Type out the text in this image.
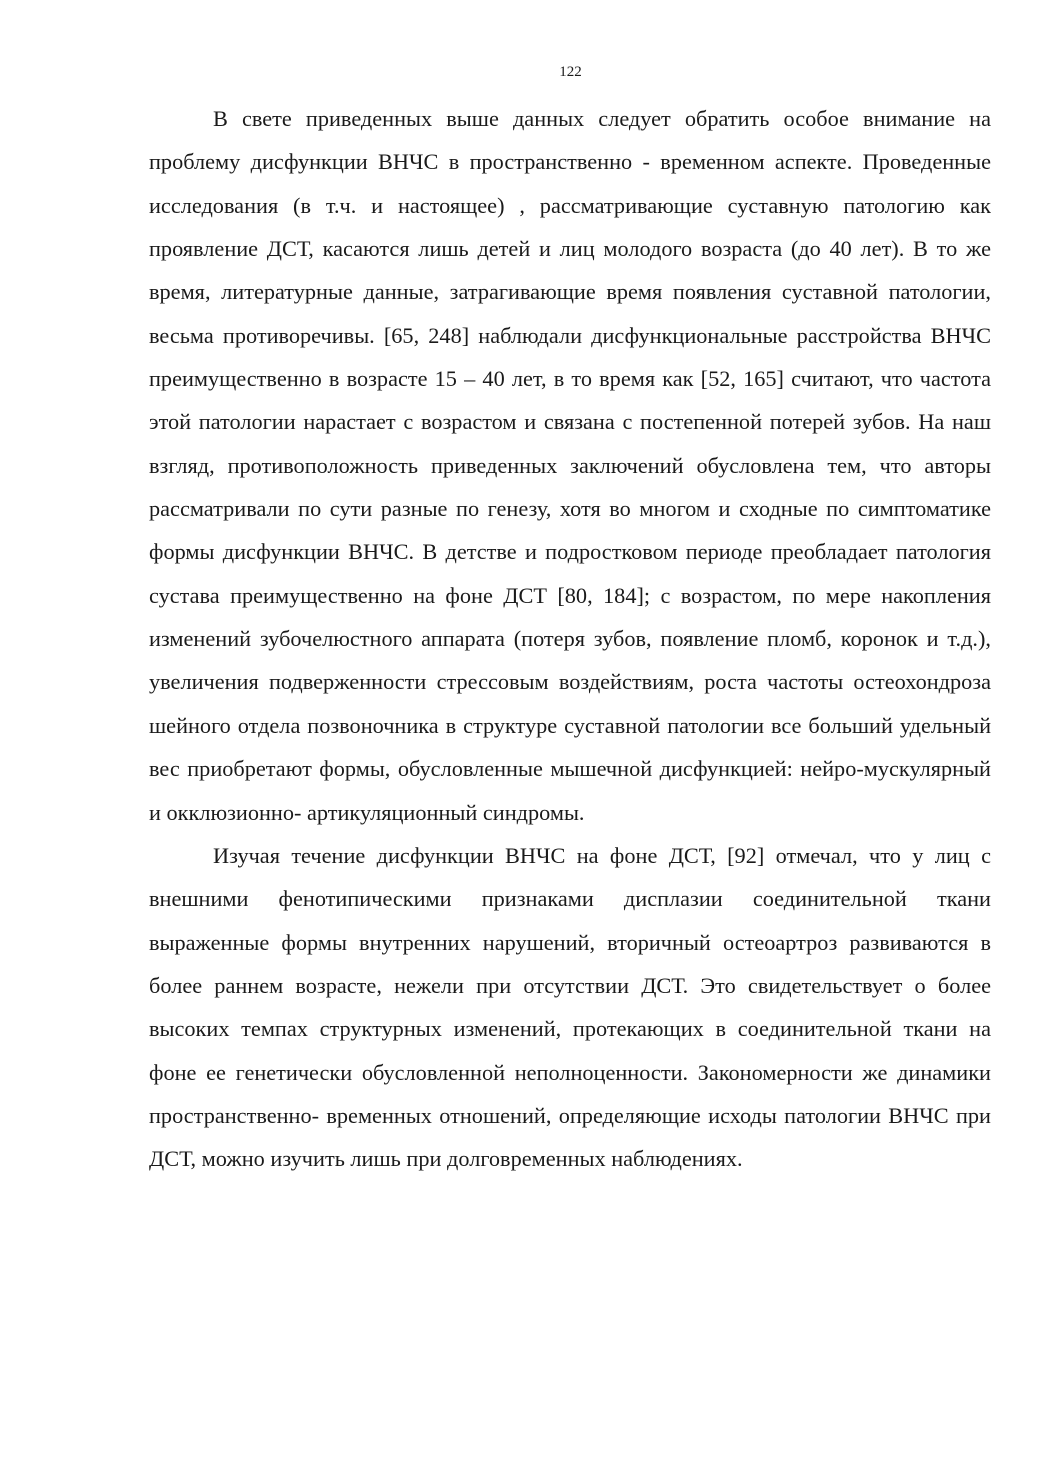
122

В свете приведенных выше данных следует обратить особое внимание на проблему дисфункции ВНЧС в пространственно - временном аспекте. Проведенные исследования (в т.ч. и настоящее) , рассматривающие суставную патологию как проявление ДСТ, касаются лишь детей и лиц молодого возраста (до 40 лет). В то же время, литературные данные, затрагивающие время появления суставной патологии, весьма противоречивы. [65, 248] наблюдали дисфункциональные расстройства ВНЧС преимущественно в возрасте 15 – 40 лет, в то время как [52, 165] считают, что частота этой патологии нарастает с возрастом и связана с постепенной потерей зубов. На наш взгляд, противоположность приведенных заключений обусловлена тем, что авторы рассматривали по сути разные по генезу, хотя во многом и сходные по симптоматике формы дисфункции ВНЧС. В детстве и подростковом периоде преобладает патология сустава преимущественно на фоне ДСТ [80, 184]; с возрастом, по мере накопления изменений зубочелюстного аппарата (потеря зубов, появление пломб, коронок и т.д.), увеличения подверженности стрессовым воздействиям, роста частоты остеохондроза шейного отдела позвоночника в структуре суставной патологии все больший удельный вес приобретают формы, обусловленные мышечной дисфункцией: нейро-мускулярный и окклюзионно- артикуляционный синдромы.

Изучая течение дисфункции ВНЧС на фоне ДСТ, [92] отмечал, что у лиц с внешними фенотипическими признаками дисплазии соединительной ткани выраженные формы внутренних нарушений, вторичный остеоартроз развиваются в более раннем возрасте, нежели при отсутствии ДСТ. Это свидетельствует о более высоких темпах структурных изменений, протекающих в соединительной ткани на фоне ее генетически обусловленной неполноценности. Закономерности же динамики пространственно- временных отношений, определяющие исходы патологии ВНЧС при ДСТ, можно изучить лишь при долговременных наблюдениях.
